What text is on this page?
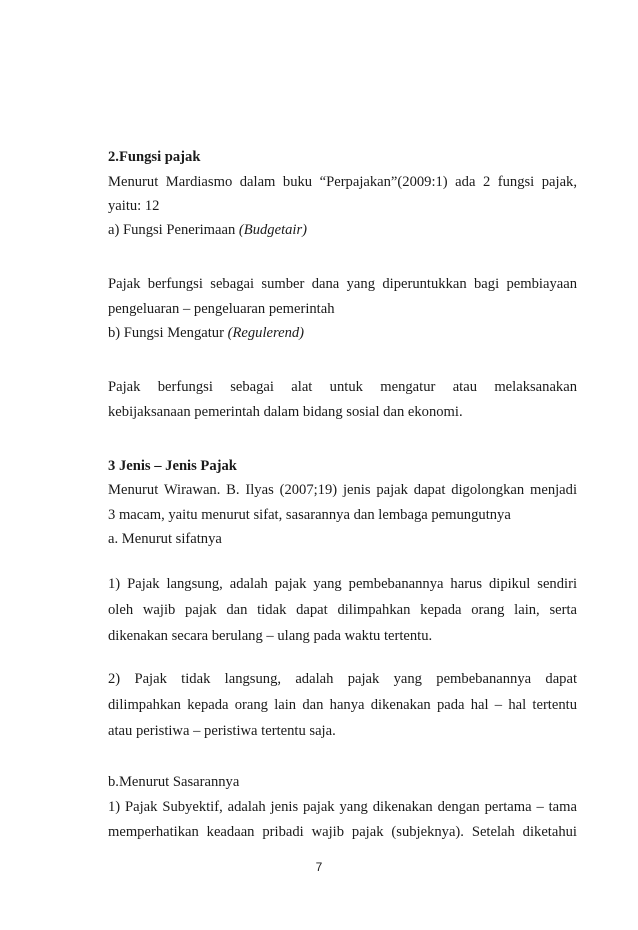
2.Fungsi pajak
Menurut Mardiasmo dalam buku “Perpajakan”(2009:1) ada 2 fungsi pajak,
yaitu: 12
a) Fungsi Penerimaan (Budgetair)
Pajak berfungsi sebagai sumber dana yang diperuntukkan bagi pembiayaan
pengeluaran – pengeluaran pemerintah
b) Fungsi Mengatur (Regulerend)
Pajak berfungsi sebagai alat untuk mengatur atau melaksanakan
kebijaksanaan pemerintah dalam bidang sosial dan ekonomi.
3 Jenis – Jenis Pajak
Menurut Wirawan. B. Ilyas (2007;19) jenis pajak dapat digolongkan menjadi
3 macam, yaitu menurut sifat, sasarannya dan lembaga pemungutnya
a. Menurut sifatnya
1) Pajak langsung, adalah pajak yang pembebanannya harus dipikul sendiri
oleh wajib pajak dan tidak dapat dilimpahkan kepada orang lain, serta
dikenakan secara berulang – ulang pada waktu tertentu.
2) Pajak tidak langsung, adalah pajak yang pembebanannya dapat
dilimpahkan kepada orang lain dan hanya dikenakan pada hal – hal tertentu
atau peristiwa – peristiwa tertentu saja.
b.Menurut Sasarannya
1) Pajak Subyektif, adalah jenis pajak yang dikenakan dengan pertama – tama
memperhatikan keadaan pribadi wajib pajak (subjeknya). Setelah diketahui
7
